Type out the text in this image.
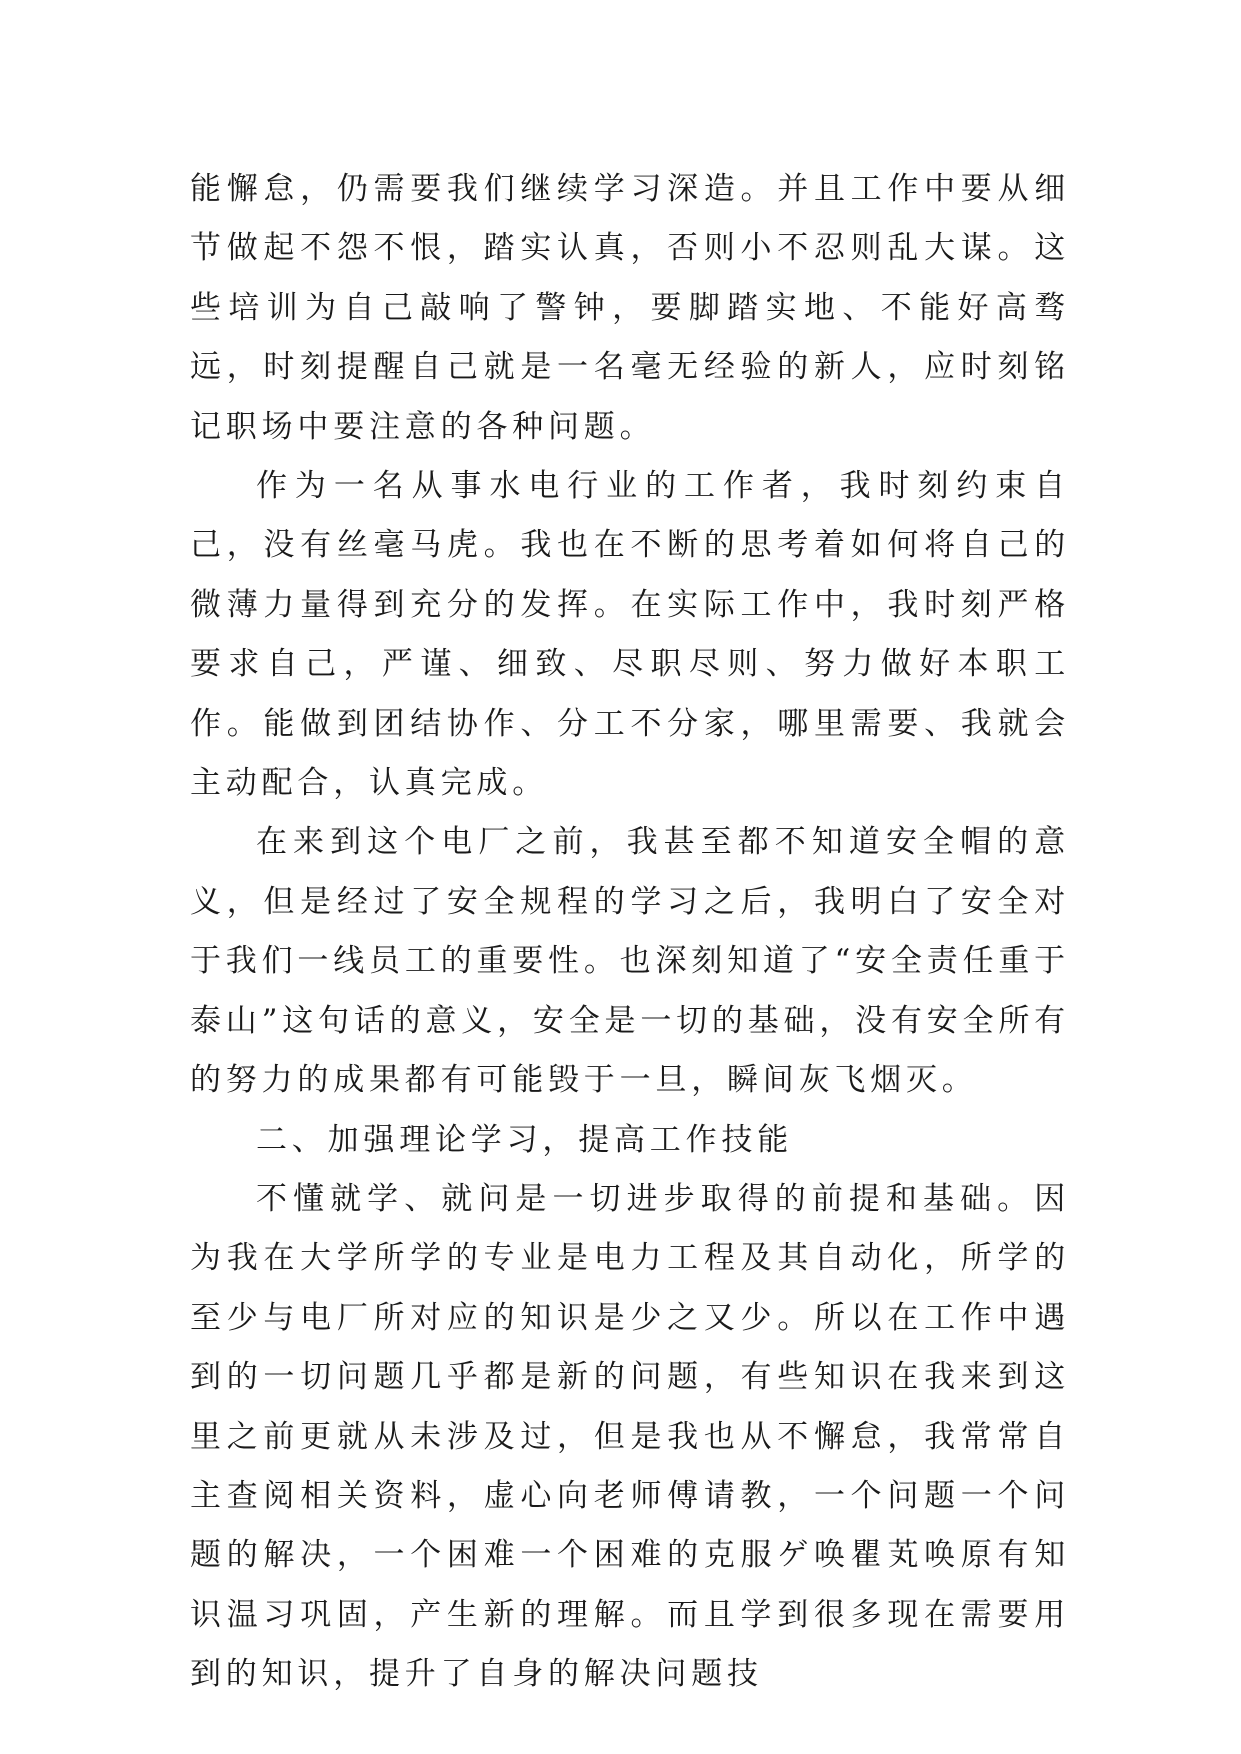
能懈怠，仍需要我们继续学习深造。并且工作中要从细节做起不怨不恨，踏实认真，否则小不忍则乱大谋。这些培训为自己敲响了警钟，要脚踏实地、不能好高骛远，时刻提醒自己就是一名毫无经验的新人，应时刻铭记职场中要注意的各种问题。

作为一名从事水电行业的工作者，我时刻约束自己，没有丝毫马虎。我也在不断的思考着如何将自己的微薄力量得到充分的发挥。在实际工作中，我时刻严格要求自己，严谨、细致、尽职尽则、努力做好本职工作。能做到团结协作、分工不分家，哪里需要、我就会主动配合，认真完成。

在来到这个电厂之前，我甚至都不知道安全帽的意义，但是经过了安全规程的学习之后，我明白了安全对于我们一线员工的重要性。也深刻知道了“安全责任重于泰山”这句话的意义，安全是一切的基础，没有安全所有的努力的成果都有可能毁于一旦，瞬间灰飞烟灭。

二、加强理论学习，提高工作技能

不懂就学、就问是一切进步取得的前提和基础。因为我在大学所学的专业是电力工程及其自动化，所学的至少与电厂所对应的知识是少之又少。所以在工作中遇到的一切问题几乎都是新的问题，有些知识在我来到这里之前更就从未涉及过，但是我也从不懈怠，我常常自主查阅相关资料，虚心向老师傅请教，一个问题一个问题的解决，一个困难一个困难的克服ゲ唤瞿芄唤原有知识温习巩固，产生新的理解。而且学到很多现在需要用到的知识，提升了自身的解决问题技
